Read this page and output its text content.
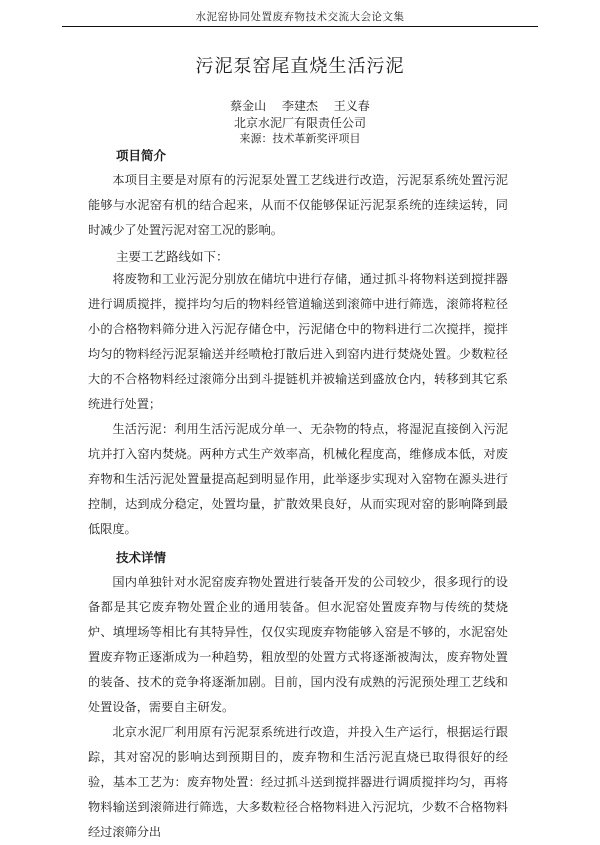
水泥窑协同处置废弃物技术交流大会论文集
污泥泵窑尾直烧生活污泥
蔡金山 李建杰 王义春
北京水泥厂有限责任公司
来源：技术革新奖评项目
项目简介

本项目主要是对原有的污泥泵处置工艺线进行改造，污泥泵系统处置污泥能够与水泥窑有机的结合起来，从而不仅能够保证污泥泵系统的连续运转，同时减少了处置污泥对窑工况的影响。

主要工艺路线如下：

将废物和工业污泥分别放在储坑中进行存储，通过抓斗将物料送到搅拌器进行调质搅拌，搅拌均匀后的物料经管道输送到滚筛中进行筛选，滚筛将粒径小的合格物料筛分进入污泥存储仓中，污泥储仓中的物料进行二次搅拌，搅拌均匀的物料经污泥泵输送并经喷枪打散后进入到窑内进行焚烧处置。少数粒径大的不合格物料经过滚筛分出到斗提链机并被输送到盛放仓内，转移到其它系统进行处置；

生活污泥：利用生活污泥成分单一、无杂物的特点，将湿泥直接倒入污泥坑并打入窑内焚烧。两种方式生产效率高，机械化程度高，维修成本低，对废弃物和生活污泥处置量提高起到明显作用，此举逐步实现对入窑物在源头进行控制，达到成分稳定，处置均量，扩散效果良好，从而实现对窑的影响降到最低限度。

技术详情

国内单独针对水泥窑废弃物处置进行装备开发的公司较少，很多现行的设备都是其它废弃物处置企业的通用装备。但水泥窑处置废弃物与传统的焚烧炉、填埋场等相比有其特异性，仅仅实现废弃物能够入窑是不够的，水泥窑处置废弃物正逐渐成为一种趋势，粗放型的处置方式将逐渐被淘汰，废弃物处置的装备、技术的竞争将逐渐加剧。目前，国内没有成熟的污泥预处理工艺线和处置设备，需要自主研发。

北京水泥厂利用原有污泥泵系统进行改造，并投入生产运行，根据运行跟踪，其对窑况的影响达到预期目的，废弃物和生活污泥直烧已取得很好的经验，基本工艺为：废弃物处置：经过抓斗送到搅拌器进行调质搅拌均匀，再将物料输送到滚筛进行筛选，大多数粒径合格物料进入污泥坑，少数不合格物料经过滚筛分出
